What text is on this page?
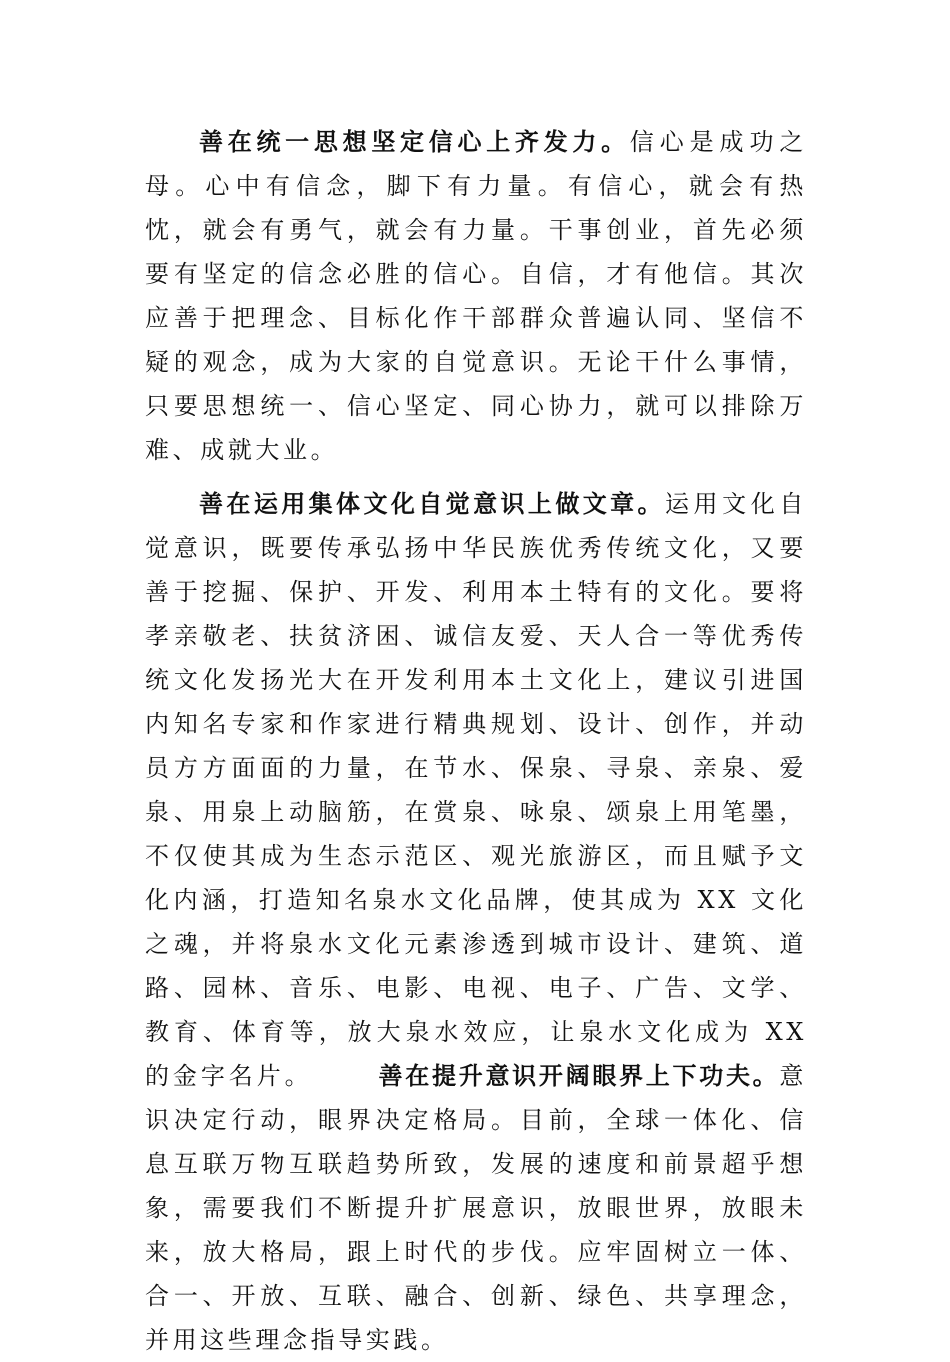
善在统一思想坚定信心上齐发力。信心是成功之母。心中有信念，脚下有力量。有信心，就会有热忱，就会有勇气，就会有力量。干事创业，首先必须要有坚定的信念必胜的信心。自信，才有他信。其次应善于把理念、目标化作干部群众普遍认同、坚信不疑的观念，成为大家的自觉意识。无论干什么事情，只要思想统一、信心坚定、同心协力，就可以排除万难、成就大业。

善在运用集体文化自觉意识上做文章。运用文化自觉意识，既要传承弘扬中华民族优秀传统文化，又要善于挖掘、保护、开发、利用本土特有的文化。要将孝亲敬老、扶贫济困、诚信友爱、天人合一等优秀传统文化发扬光大在开发利用本土文化上，建议引进国内知名专家和作家进行精典规划、设计、创作，并动员方方面面的力量，在节水、保泉、寻泉、亲泉、爱泉、用泉上动脑筋，在赏泉、咏泉、颂泉上用笔墨，不仅使其成为生态示范区、观光旅游区，而且赋予文化内涵，打造知名泉水文化品牌，使其成为 XX 文化之魂，并将泉水文化元素渗透到城市设计、建筑、道路、园林、音乐、电影、电视、电子、广告、文学、教育、体育等，放大泉水效应，让泉水文化成为 XX 的金字名片。	善在提升意识开阔眼界上下功夫。意识决定行动，眼界决定格局。目前，全球一体化、信息互联万物互联趋势所致，发展的速度和前景超乎想象，需要我们不断提升扩展意识，放眼世界，放眼未来，放大格局，跟上时代的步伐。应牢固树立一体、合一、开放、互联、融合、创新、绿色、共享理念，并用这些理念指导实践。
